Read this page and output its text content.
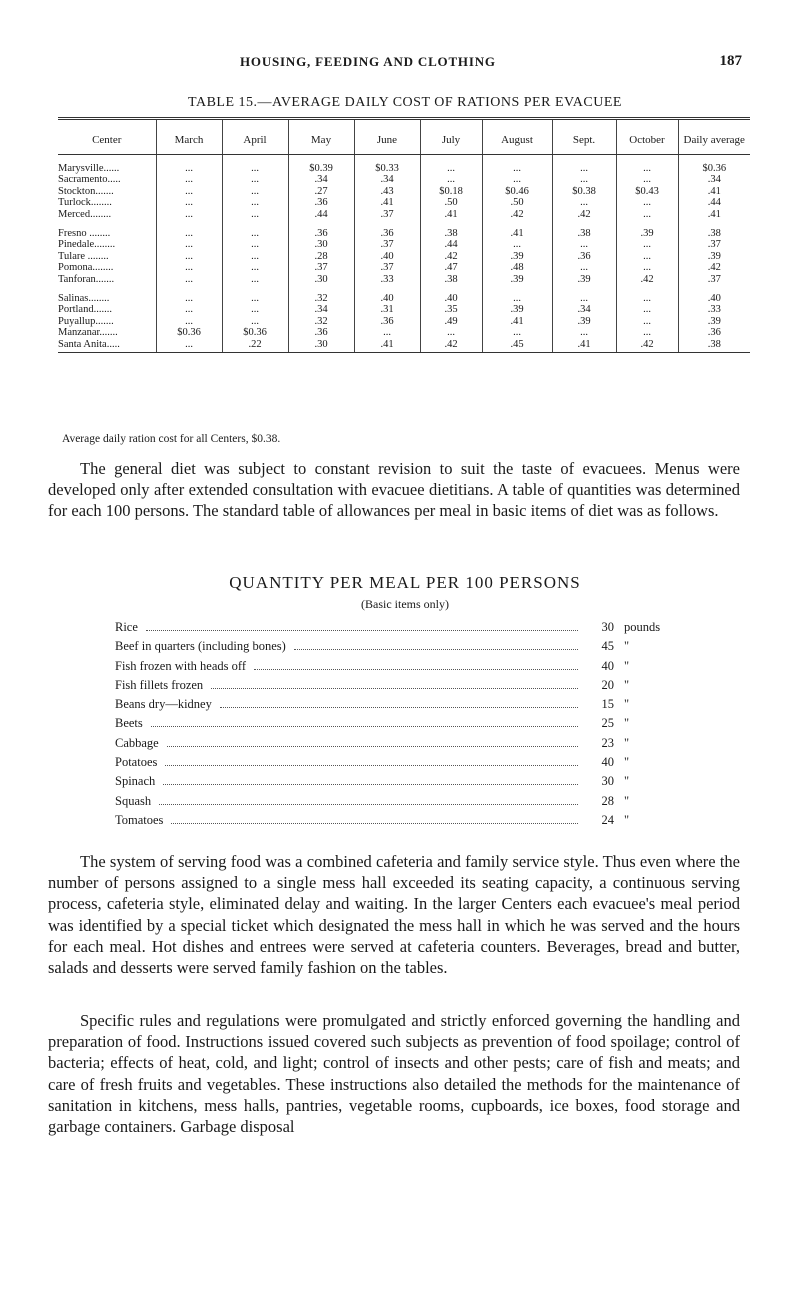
HOUSING, FEEDING AND CLOTHING	187
TABLE 15.—AVERAGE DAILY COST OF RATIONS PER EVACUEE
Center	March	April	May	June	July	August	Sept.	October	Daily average

Marysville......	...	...	$0.39	$0.33	...	...	...	...	$0.36
Sacramento.....	...	...	.34	.34	...	...	...	...	.34
Stockton.......	...	...	.27	.43	$0.18	$0.46	$0.38	$0.43	.41
Turlock........	...	...	.36	.41	.50	.50	...	...	.44
Merced........	...	...	.44	.37	.41	.42	.42	...	.41

Fresno ........	...	...	.36	.36	.38	.41	.38	.39	.38
Pinedale........	...	...	.30	.37	.44	...	...	...	.37
Tulare ........	...	...	.28	.40	.42	.39	.36	...	.39
Pomona........	...	...	.37	.37	.47	.48	...	...	.42
Tanforan.......	...	...	.30	.33	.38	.39	.39	.42	.37

Salinas........	...	...	.32	.40	.40	...	...	...	.40
Portland.......	...	...	.34	.31	.35	.39	.34	...	.33
Puyallup.......	...	...	.32	.36	.49	.41	.39	...	.39
Manzanar.......	$0.36	$0.36	.36	...	...	...	...	...	.36
Santa Anita.....	...	.22	.30	.41	.42	.45	.41	.42	.38
Average daily ration cost for all Centers, $0.38.
The general diet was subject to constant revision to suit the taste of evacuees. Menus were developed only after extended consultation with evacuee dietitians. A table of quantities was determined for each 100 persons. The standard table of allowances per meal in basic items of diet was as follows.
QUANTITY PER MEAL PER 100 PERSONS
(Basic items only)
Rice	30 pounds
Beef in quarters (including bones)	45 "
Fish frozen with heads off	40 "
Fish fillets frozen	20 "
Beans dry—kidney	15 "
Beets	25 "
Cabbage	23 "
Potatoes	40 "
Spinach	30 "
Squash	28 "
Tomatoes	24 "
The system of serving food was a combined cafeteria and family service style. Thus even where the number of persons assigned to a single mess hall exceeded its seating capacity, a continuous serving process, cafeteria style, eliminated delay and waiting. In the larger Centers each evacuee's meal period was identified by a special ticket which designated the mess hall in which he was served and the hours for each meal. Hot dishes and entrees were served at cafeteria counters. Beverages, bread and butter, salads and desserts were served family fashion on the tables.
Specific rules and regulations were promulgated and strictly enforced governing the handling and preparation of food. Instructions issued covered such subjects as prevention of food spoilage; control of bacteria; effects of heat, cold, and light; control of insects and other pests; care of fish and meats; and care of fresh fruits and vegetables. These instructions also detailed the methods for the maintenance of sanitation in kitchens, mess halls, pantries, vegetable rooms, cupboards, ice boxes, food storage and garbage containers. Garbage disposal
